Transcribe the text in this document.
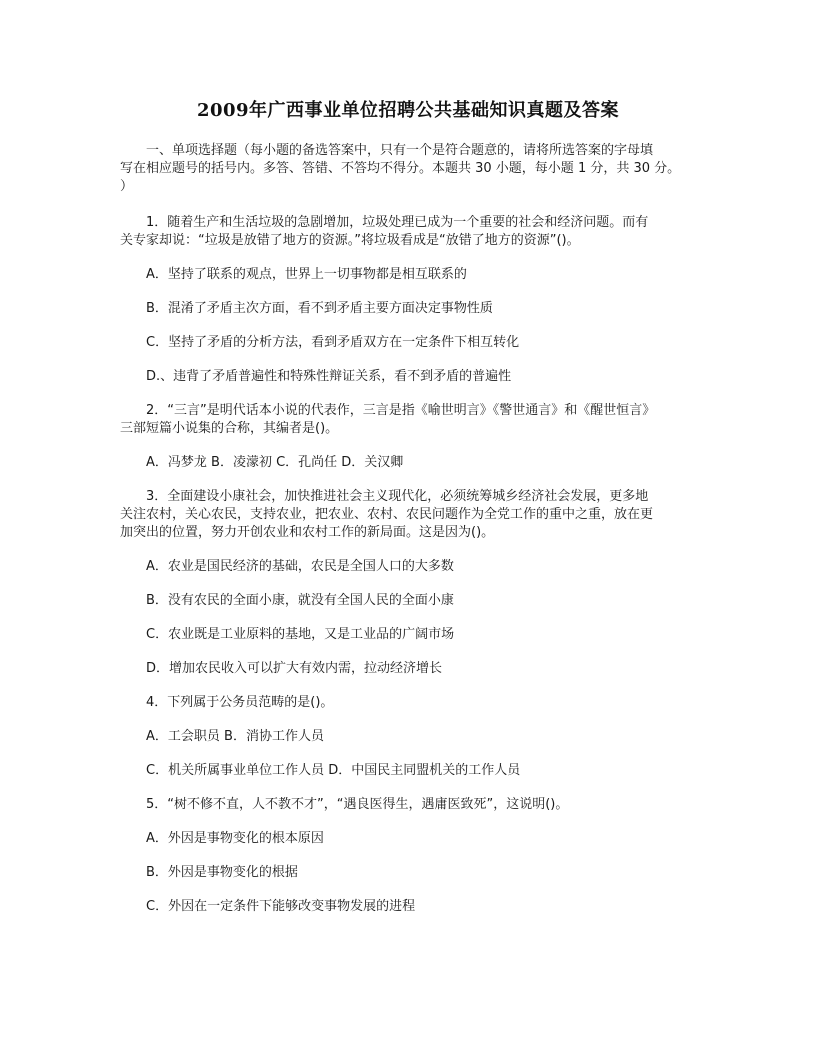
2009年广西事业单位招聘公共基础知识真题及答案

一、单项选择题（每小题的备选答案中，只有一个是符合题意的，请将所选答案的字母填

写在相应题号的括号内。多答、答错、不答均不得分。本题共 30 小题，每小题 1 分，共 30 分。

）

1．随着生产和生活垃圾的急剧增加，垃圾处理已成为一个重要的社会和经济问题。而有

关专家却说：“垃圾是放错了地方的资源。”将垃圾看成是“放错了地方的资源”()。

A．坚持了联系的观点，世界上一切事物都是相互联系的

B．混淆了矛盾主次方面，看不到矛盾主要方面决定事物性质

C．坚持了矛盾的分析方法，看到矛盾双方在一定条件下相互转化

D.、违背了矛盾普遍性和特殊性辩证关系，看不到矛盾的普遍性

2．“三言”是明代话本小说的代表作，三言是指《喻世明言》《警世通言》和《醒世恒言》

三部短篇小说集的合称，其编者是()。

A．冯梦龙 B．凌濛初 C．孔尚任 D．关汉卿

3．全面建设小康社会，加快推进社会主义现代化，必须统筹城乡经济社会发展，更多地

关注农村，关心农民，支持农业，把农业、农村、农民问题作为全党工作的重中之重，放在更

加突出的位置，努力开创农业和农村工作的新局面。这是因为()。

A．农业是国民经济的基础，农民是全国人口的大多数

B．没有农民的全面小康，就没有全国人民的全面小康

C．农业既是工业原料的基地，又是工业品的广阔市场

D．增加农民收入可以扩大有效内需，拉动经济增长

4．下列属于公务员范畴的是()。

A．工会职员 B．消协工作人员

C．机关所属事业单位工作人员 D．中国民主同盟机关的工作人员

5．“树不修不直，人不教不才”，“遇良医得生，遇庸医致死”，这说明()。

A．外因是事物变化的根本原因

B．外因是事物变化的根据

C．外因在一定条件下能够改变事物发展的进程
